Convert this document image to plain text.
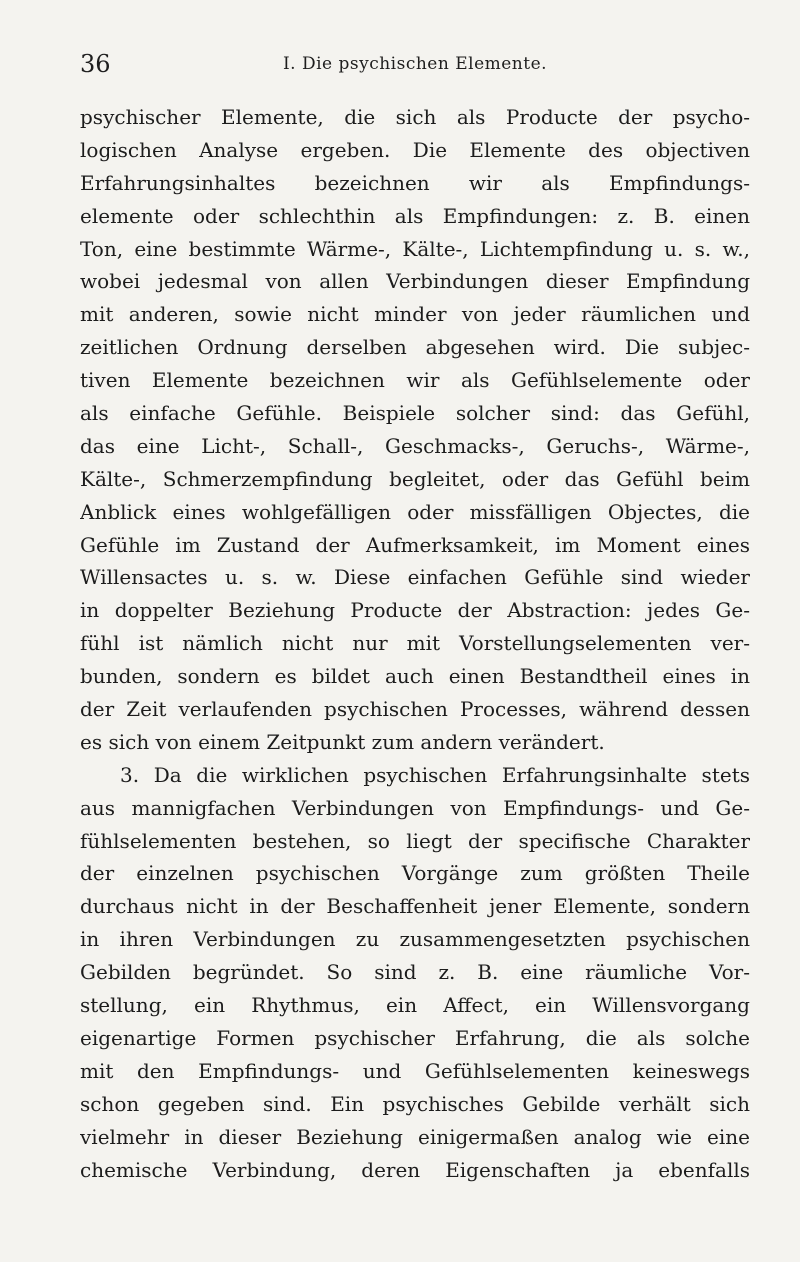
36	I. Die psychischen Elemente.
psychischer Elemente, die sich als Producte der psycho-
logischen Analyse ergeben. Die Elemente des objectiven
Erfahrungsinhaltes bezeichnen wir als Empfindungs-
elemente oder schlechthin als Empfindungen: z. B. einen
Ton, eine bestimmte Wärme-, Kälte-, Lichtempfindung u. s. w.,
wobei jedesmal von allen Verbindungen dieser Empfindung
mit anderen, sowie nicht minder von jeder räumlichen und
zeitlichen Ordnung derselben abgesehen wird. Die subjec-
tiven Elemente bezeichnen wir als Gefühlselemente oder
als einfache Gefühle. Beispiele solcher sind: das Gefühl,
das eine Licht-, Schall-, Geschmacks-, Geruchs-, Wärme-,
Kälte-, Schmerzempfindung begleitet, oder das Gefühl beim
Anblick eines wohlgefälligen oder missfälligen Objectes, die
Gefühle im Zustand der Aufmerksamkeit, im Moment eines
Willensactes u. s. w. Diese einfachen Gefühle sind wieder
in doppelter Beziehung Producte der Abstraction: jedes Ge-
fühl ist nämlich nicht nur mit Vorstellungselementen ver-
bunden, sondern es bildet auch einen Bestandtheil eines in
der Zeit verlaufenden psychischen Processes, während dessen
es sich von einem Zeitpunkt zum andern verändert.
3. Da die wirklichen psychischen Erfahrungsinhalte stets
aus mannigfachen Verbindungen von Empfindungs- und Ge-
fühlselementen bestehen, so liegt der specifische Charakter
der einzelnen psychischen Vorgänge zum größten Theile
durchaus nicht in der Beschaffenheit jener Elemente, sondern
in ihren Verbindungen zu zusammengesetzten psychischen
Gebilden begründet. So sind z. B. eine räumliche Vor-
stellung, ein Rhythmus, ein Affect, ein Willensvorgang
eigenartige Formen psychischer Erfahrung, die als solche
mit den Empfindungs- und Gefühlselementen keineswegs
schon gegeben sind. Ein psychisches Gebilde verhält sich
vielmehr in dieser Beziehung einigermaßen analog wie eine
chemische Verbindung, deren Eigenschaften ja ebenfalls
